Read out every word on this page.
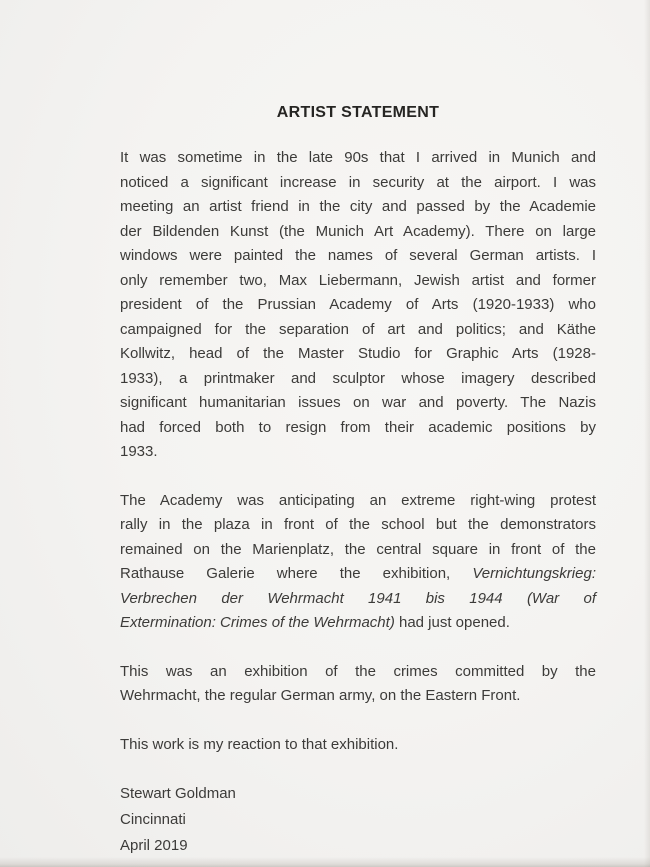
ARTIST STATEMENT
It was sometime in the late 90s that I arrived in Munich and
noticed a significant increase in security at the airport. I was
meeting an artist friend in the city and passed by the Academie
der Bildenden Kunst (the Munich Art Academy). There on large
windows were painted the names of several German artists. I
only remember two, Max Liebermann, Jewish artist and former
president of the Prussian Academy of Arts (1920-1933) who
campaigned for the separation of art and politics; and Käthe
Kollwitz, head of the Master Studio for Graphic Arts (1928-
1933), a printmaker and sculptor whose imagery described
significant humanitarian issues on war and poverty. The Nazis
had forced both to resign from their academic positions by
1933.
The Academy was anticipating an extreme right-wing protest
rally in the plaza in front of the school but the demonstrators
remained on the Marienplatz, the central square in front of the
Rathause Galerie where the exhibition, Vernichtungskrieg:
Verbrechen der Wehrmacht 1941 bis 1944 (War of
Extermination: Crimes of the Wehrmacht) had just opened.
This was an exhibition of the crimes committed by the
Wehrmacht, the regular German army, on the Eastern Front.
This work is my reaction to that exhibition.
Stewart Goldman
Cincinnati
April 2019
